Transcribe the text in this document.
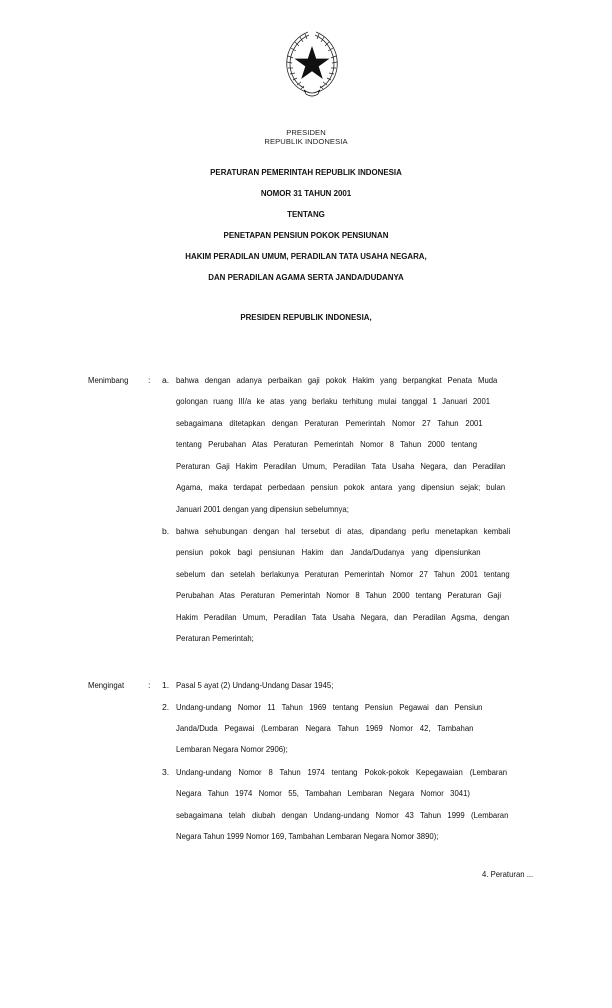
PRESIDEN
REPUBLIK INDONESIA
PERATURAN PEMERINTAH REPUBLIK INDONESIA
NOMOR 31 TAHUN 2001
TENTANG
PENETAPAN PENSIUN POKOK PENSIUNAN
HAKIM PERADILAN UMUM, PERADILAN TATA USAHA NEGARA,
DAN PERADILAN AGAMA SERTA JANDA/DUDANYA
PRESIDEN REPUBLIK INDONESIA,
Menimbang : a. bahwa dengan adanya perbaikan gaji pokok Hakim yang berpangkat Penata Muda
golongan ruang III/a ke atas yang berlaku terhitung mulai tanggal 1 Januari 2001
sebagaimana ditetapkan dengan Peraturan Pemerintah Nomor 27 Tahun 2001
tentang Perubahan Atas Peraturan Pemerintah Nomor 8 Tahun 2000 tentang
Peraturan Gaji Hakim Peradilan Umum, Peradilan Tata Usaha Negara, dan Peradilan
Agama, maka terdapat perbedaan pensiun pokok antara yang dipensiun sejak; bulan
Januari 2001 dengan yang dipensiun sebelumnya;
b. bahwa sehubungan dengan hal tersebut di atas, dipandang perlu menetapkan kembali
pensiun pokok bagi pensiunan Hakim dan Janda/Dudanya yang dipensiunkan
sebelum dan setelah berlakunya Peraturan Pemerintah Nomor 27 Tahun 2001 tentang
Perubahan Atas Peraturan Pemerintah Nomor 8 Tahun 2000 tentang Peraturan Gaji
Hakim Peradilan Umum, Peradilan Tata Usaha Negara, dan Peradilan Agsma, dengan
Peraturan Pemerintah;
Mengingat	: 1. Pasal 5 ayat (2) Undang-Undang Dasar 1945;
2. Undang-undang Nomor 11 Tahun 1969 tentang Pensiun Pegawai dan Pensiun
Janda/Duda Pegawai (Lembaran Negara Tahun 1969 Nomor 42, Tambahan
Lembaran Negara Nomor 2906);
3. Undang-undang Nomor 8 Tahun 1974 tentang Pokok-pokok Kepegawaian (Lembaran
Negara Tahun 1974 Nomor 55, Tambahan Lembaran Negara Nomor 3041)
sebagaimana telah diubah dengan Undang-undang Nomor 43 Tahun 1999 (Lembaran
Negara Tahun 1999 Nomor 169, Tambahan Lembaran Negara Nomor 3890);
4. Peraturan ...
